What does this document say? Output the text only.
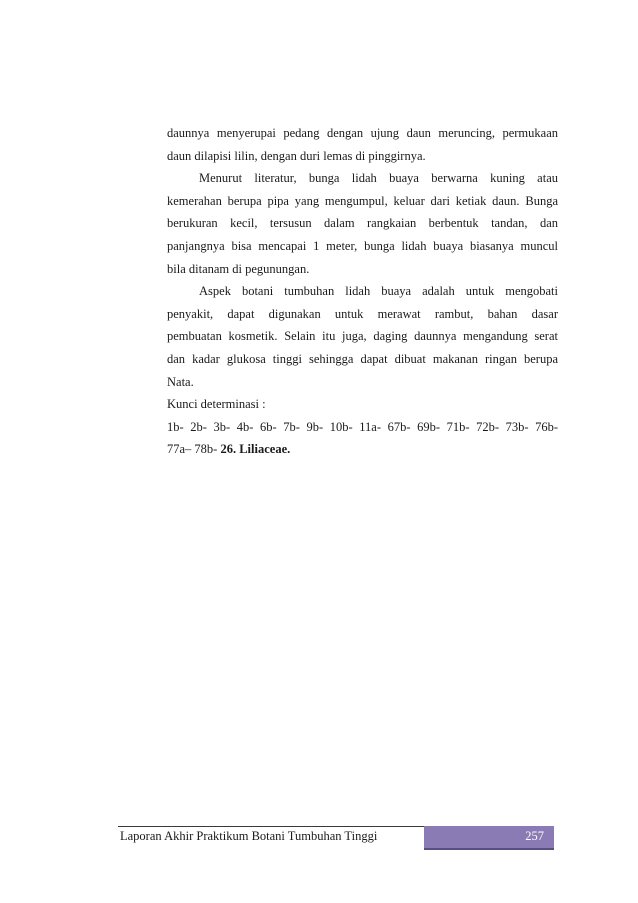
daunnya menyerupai pedang dengan ujung daun meruncing, permukaan
daun dilapisi lilin, dengan duri lemas di pinggirnya.
Menurut literatur, bunga lidah buaya berwarna kuning atau
kemerahan berupa pipa yang mengumpul, keluar dari ketiak daun. Bunga
berukuran kecil, tersusun dalam rangkaian berbentuk tandan, dan
panjangnya bisa mencapai 1 meter, bunga lidah buaya biasanya muncul
bila ditanam di pegunungan.
Aspek botani tumbuhan lidah buaya adalah untuk mengobati
penyakit, dapat digunakan untuk merawat rambut, bahan dasar
pembuatan kosmetik. Selain itu juga, daging daunnya mengandung serat
dan kadar glukosa tinggi sehingga dapat dibuat makanan ringan berupa
Nata.
Kunci determinasi :
1b- 2b- 3b- 4b- 6b- 7b- 9b- 10b- 11a- 67b- 69b- 71b- 72b- 73b- 76b-
77a– 78b- 26. Liliaceae.
Laporan Akhir Praktikum Botani Tumbuhan Tinggi	257
